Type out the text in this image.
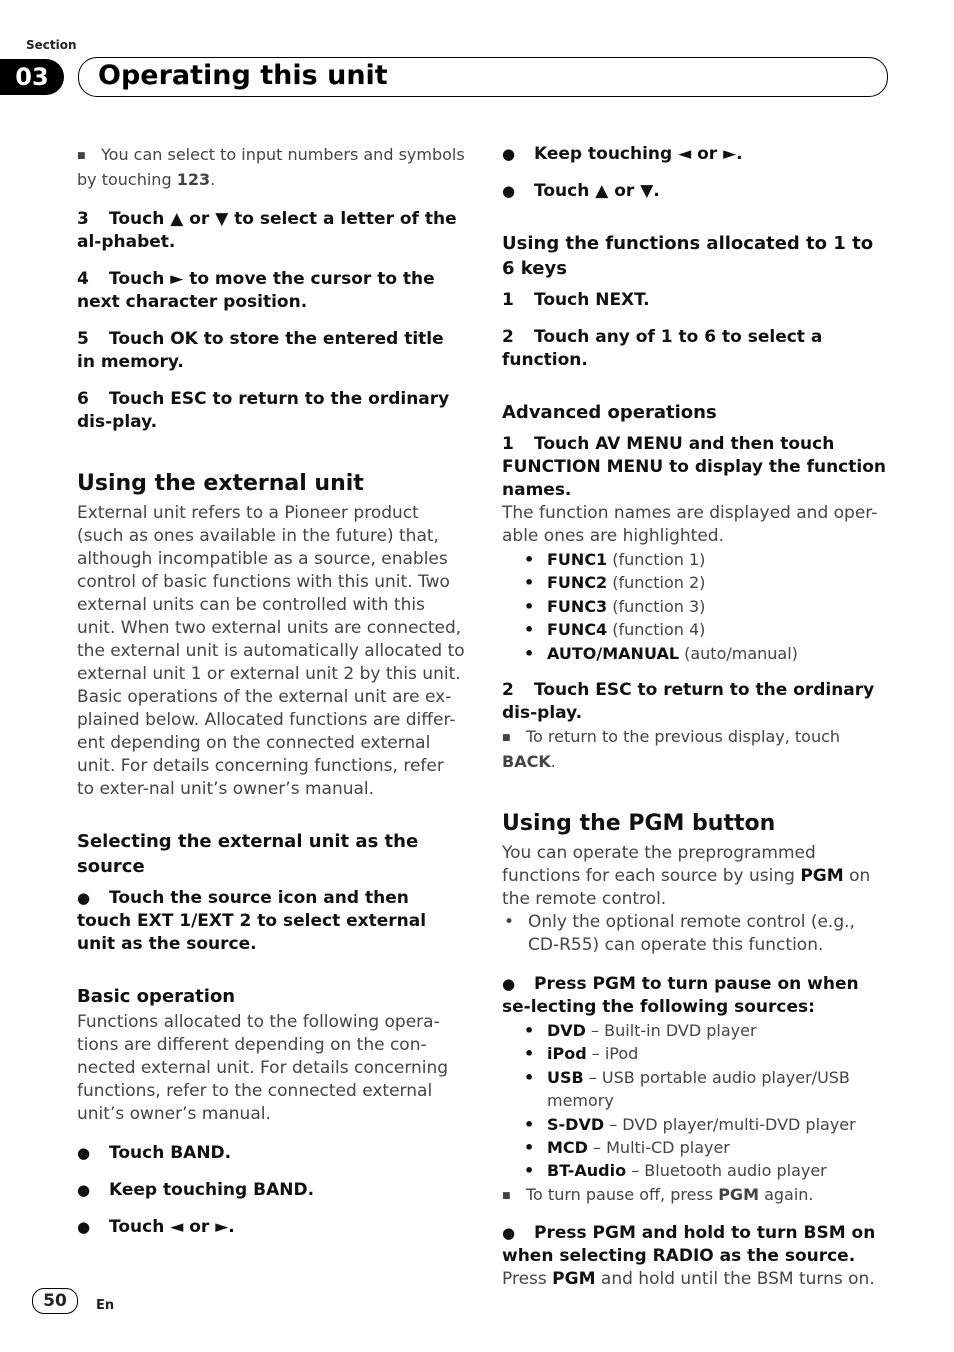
Section
03	Operating this unit

■ You can select to input numbers and symbols by touching 123.

3 Touch ▲ or ▼ to select a letter of the al-phabet.

4 Touch ► to move the cursor to the next character position.

5 Touch OK to store the entered title in memory.

6 Touch ESC to return to the ordinary dis-play.

Using the external unit

External unit refers to a Pioneer product (such as ones available in the future) that, although incompatible as a source, enables control of basic functions with this unit. Two external units can be controlled with this unit. When two external units are connected, the external unit is automatically allocated to external unit 1 or external unit 2 by this unit.

Basic operations of the external unit are ex-plained below. Allocated functions are differ-ent depending on the connected external unit. For details concerning functions, refer to exter-nal unit’s owner’s manual.

Selecting the external unit as the source

● Touch the source icon and then touch EXT 1/EXT 2 to select external unit as the source.

Basic operation

Functions allocated to the following opera-tions are different depending on the con-nected external unit. For details concerning functions, refer to the connected external unit’s owner’s manual.

● Touch BAND.

● Keep touching BAND.

● Touch ◄ or ►.

● Keep touching ◄ or ►.

● Touch ▲ or ▼.

Using the functions allocated to 1 to 6 keys

1 Touch NEXT.

2 Touch any of 1 to 6 to select a function.

Advanced operations

1 Touch AV MENU and then touch FUNCTION MENU to display the function names.

The function names are displayed and oper-able ones are highlighted.

• FUNC1 (function 1)
• FUNC2 (function 2)
• FUNC3 (function 3)
• FUNC4 (function 4)
• AUTO/MANUAL (auto/manual)

2 Touch ESC to return to the ordinary dis-play.

■ To return to the previous display, touch BACK.

Using the PGM button

You can operate the preprogrammed functions for each source by using PGM on the remote control.

• Only the optional remote control (e.g., CD-R55) can operate this function.

● Press PGM to turn pause on when se-lecting the following sources:

• DVD – Built-in DVD player
• iPod – iPod
• USB – USB portable audio player/USB memory
• S-DVD – DVD player/multi-DVD player
• MCD – Multi-CD player
• BT-Audio – Bluetooth audio player

■ To turn pause off, press PGM again.

● Press PGM and hold to turn BSM on when selecting RADIO as the source.

Press PGM and hold until the BSM turns on.

50	En
